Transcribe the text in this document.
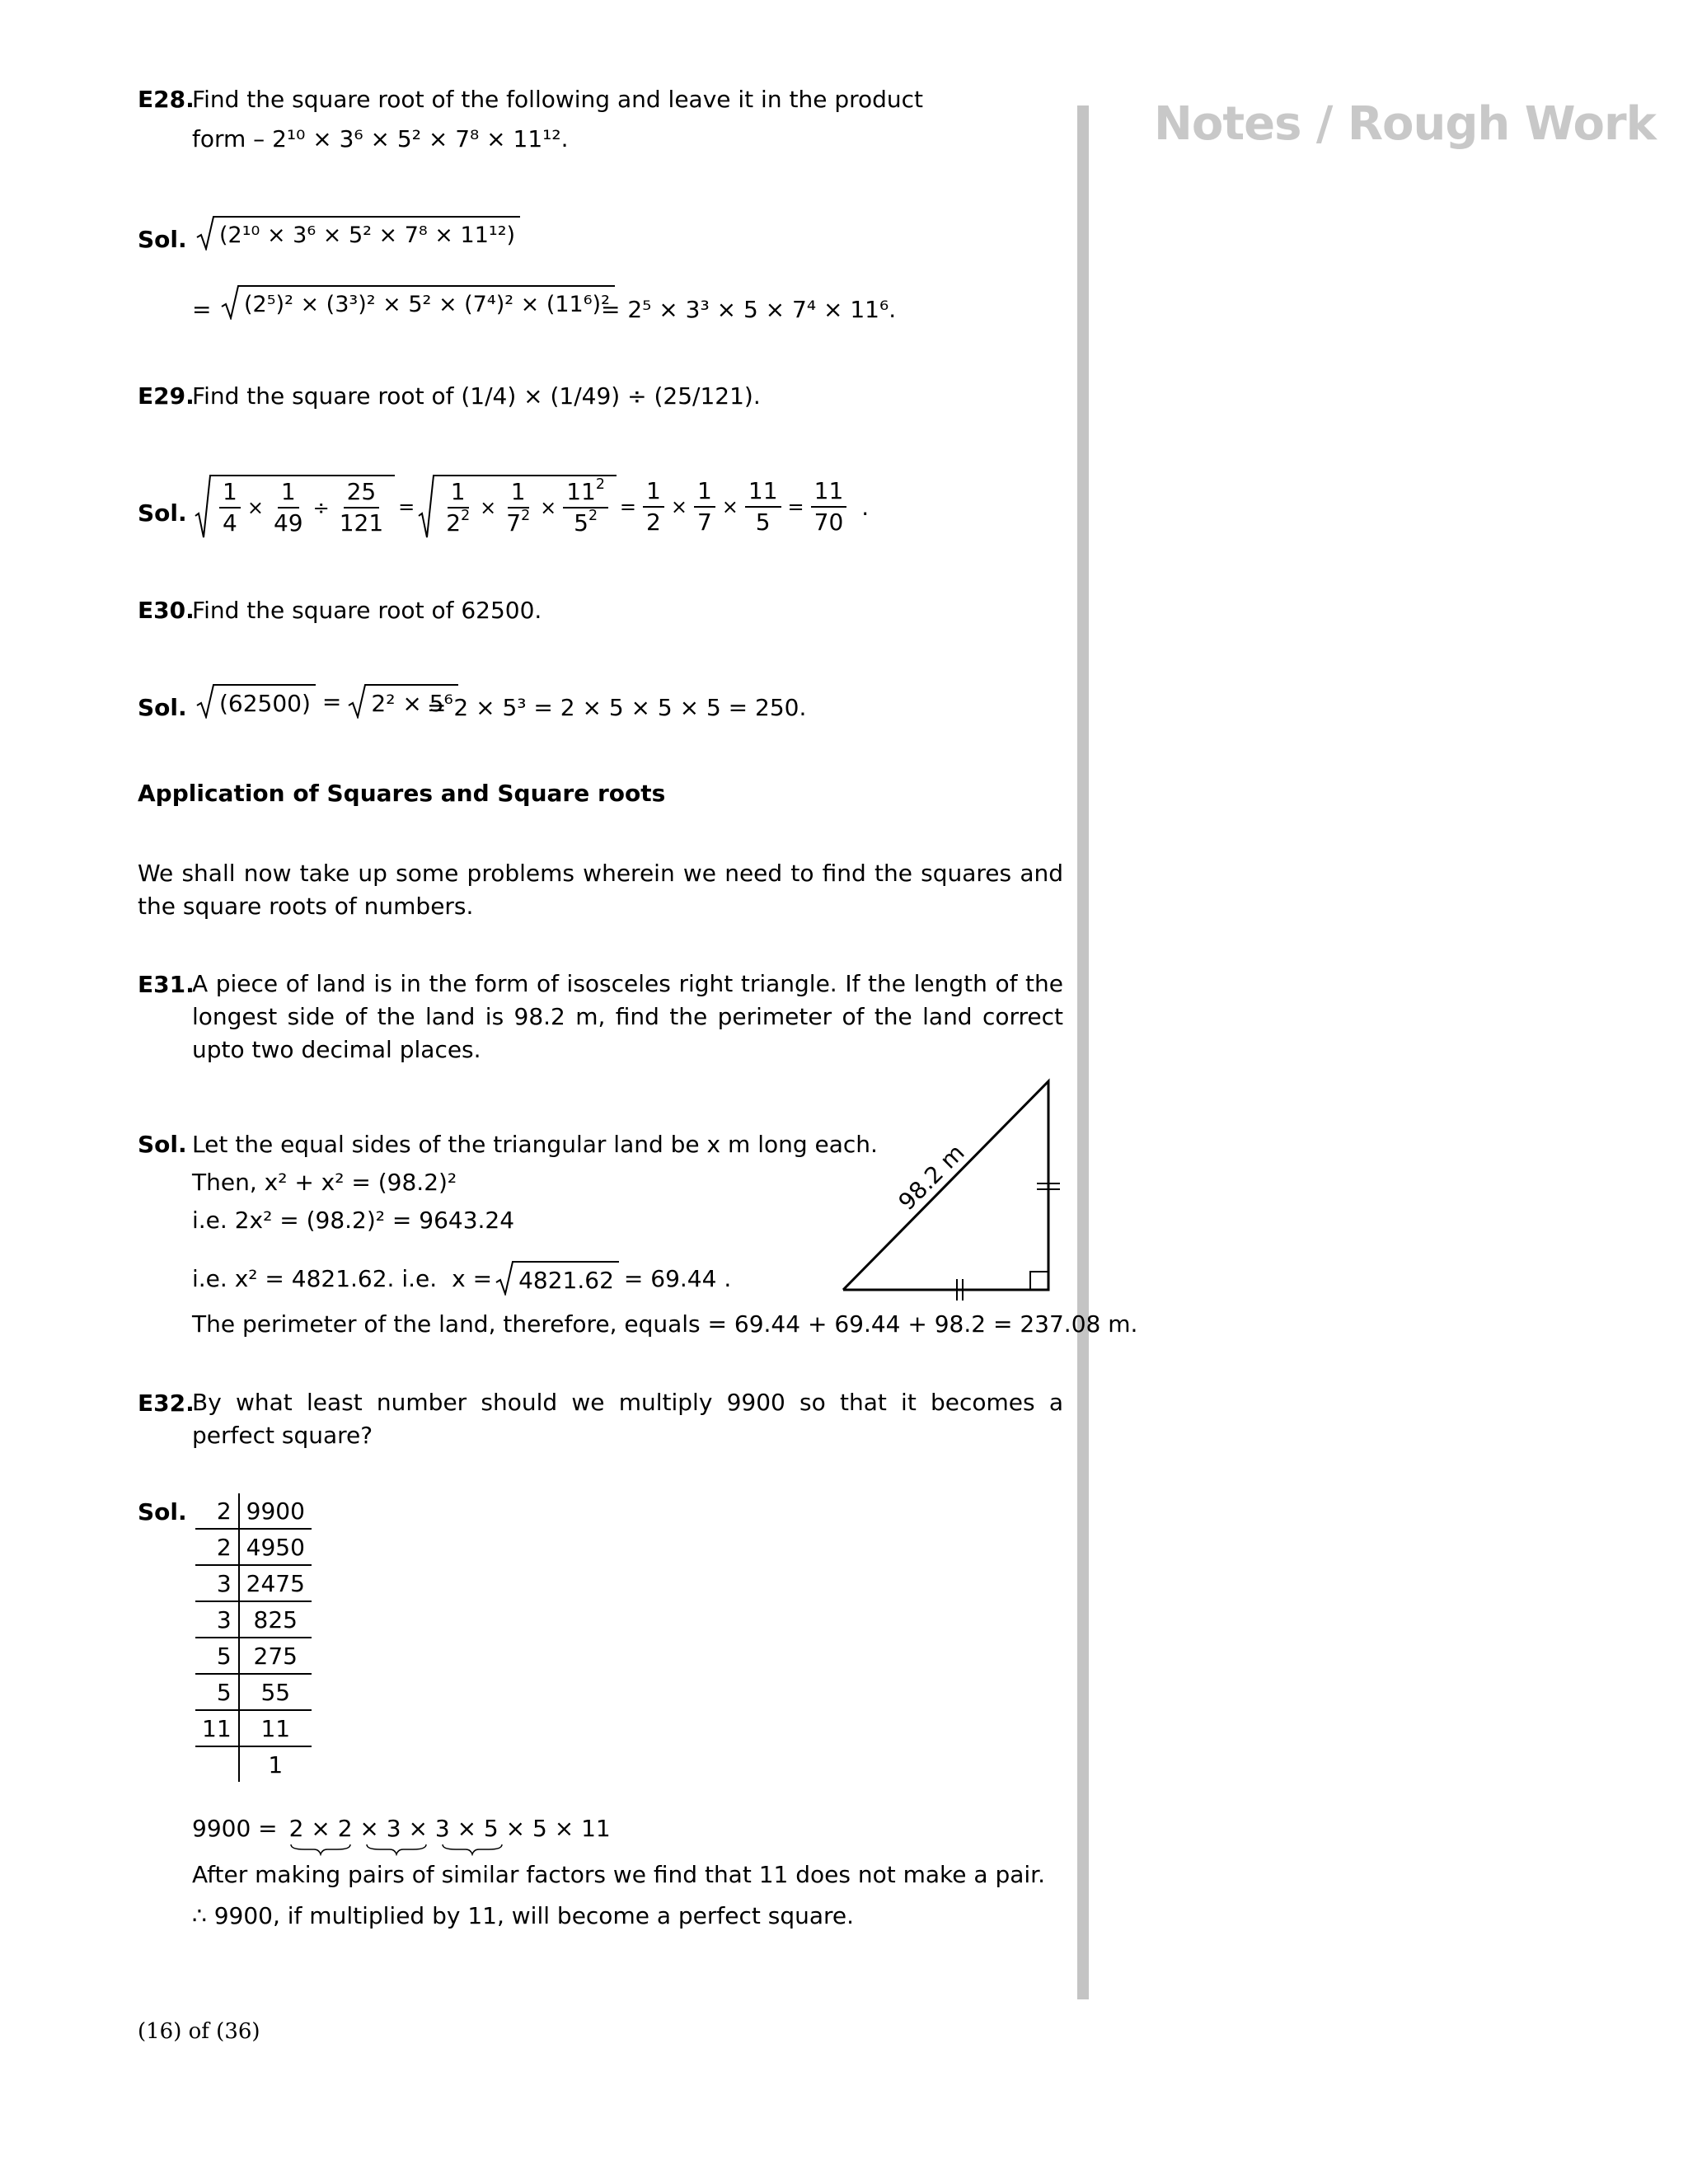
Notes / Rough Work
E28.
Find the square root of the following and leave it in the product
form – 2¹⁰ × 3⁶ × 5² × 7⁸ × 11¹².
Sol. (2¹⁰ × 3⁶ × 5² × 7⁸ × 11¹²)
= (2⁵)² × (3³)² × 5² × (7⁴)² × (11⁶)²
= 2⁵ × 3³ × 5 × 7⁴ × 11⁶.
E29.
Find the square root of (1/4) × (1/49) ÷ (25/121).
Sol. $\frac{1}{4} \times \frac{1}{49} \div \frac{25}{121} = \frac{1}{2^2} \times \frac{1}{7^2} \times \frac{11^2}{5^2} = \frac{1}{2} \times \frac{1}{7} \times \frac{11}{5} = \frac{11}{70}$ .
E30.
Find the square root of 62500.
Sol. (62500) = 2² × 5⁶
= 2 × 5³ = 2 × 5 × 5 × 5 = 250.
Application of Squares and Square roots
We shall now take up some problems wherein we need to find the squares and the square roots of numbers.
E31.
A piece of land is in the form of isosceles right triangle. If the length of the longest side of the land is 98.2 m, find the perimeter of the land correct upto two decimal places.
Sol. Let the equal sides of the triangular land be x m long each.
Then, x² + x² = (98.2)²
i.e. 2x² = (98.2)² = 9643.24
i.e. x² = 4821.62. i.e. x = 4821.62 = 69.44 .
The perimeter of the land, therefore, equals = 69.44 + 69.44 + 98.2 = 237.08 m.
98.2 m
E32.
By what least number should we multiply 9900 so that it becomes a perfect square?
Sol. 2	9900
2	4950
3	2475
3	825
5	275
5	55
11	11
	1
9900 = 2 × 2 × 3 × 3 × 5 × 5 × 11
After making pairs of similar factors we find that 11 does not make a pair.
∴ 9900, if multiplied by 11, will become a perfect square.
(16) of (36)
